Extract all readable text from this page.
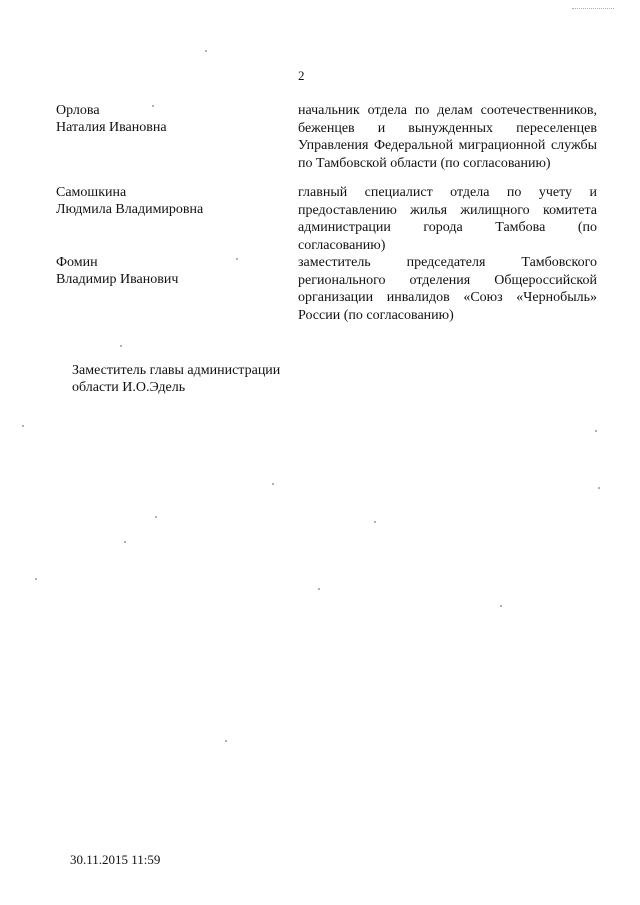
2
Орлова
Наталия Ивановна
начальник отдела по делам соотечественников, беженцев и вынужденных переселенцев Управления Федеральной миграционной службы по Тамбовской области (по согласованию)
Самошкина
Людмила Владимировна
главный специалист отдела по учету и предоставлению жилья жилищного комитета администрации города Тамбова (по согласованию)
Фомин
Владимир Иванович
заместитель председателя Тамбовского регионального отделения Общероссийской организации инвалидов «Союз «Чернобыль» России (по согласованию)
Заместитель главы администрации
области И.О.Эдель
30.11.2015 11:59
